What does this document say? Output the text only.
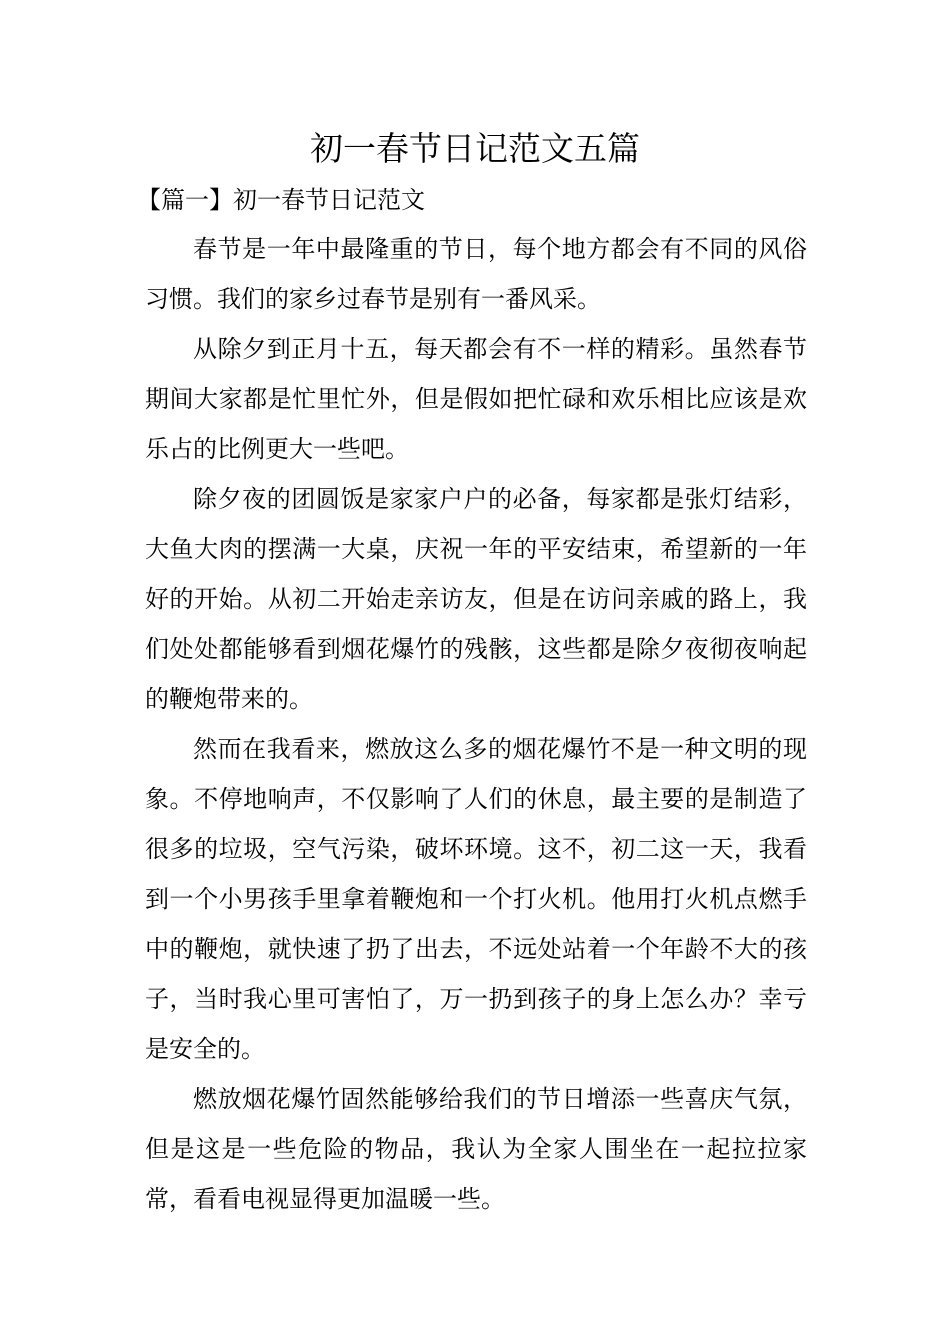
初一春节日记范文五篇
【篇一】初一春节日记范文

春节是一年中最隆重的节日，每个地方都会有不同的风俗习惯。我们的家乡过春节是别有一番风采。

从除夕到正月十五，每天都会有不一样的精彩。虽然春节期间大家都是忙里忙外，但是假如把忙碌和欢乐相比应该是欢乐占的比例更大一些吧。

除夕夜的团圆饭是家家户户的必备，每家都是张灯结彩，大鱼大肉的摆满一大桌，庆祝一年的平安结束，希望新的一年好的开始。从初二开始走亲访友，但是在访问亲戚的路上，我们处处都能够看到烟花爆竹的残骸，这些都是除夕夜彻夜响起的鞭炮带来的。

然而在我看来，燃放这么多的烟花爆竹不是一种文明的现象。不停地响声，不仅影响了人们的休息，最主要的是制造了很多的垃圾，空气污染，破坏环境。这不，初二这一天，我看到一个小男孩手里拿着鞭炮和一个打火机。他用打火机点燃手中的鞭炮，就快速了扔了出去，不远处站着一个年龄不大的孩子，当时我心里可害怕了，万一扔到孩子的身上怎么办？幸亏是安全的。

燃放烟花爆竹固然能够给我们的节日增添一些喜庆气氛，但是这是一些危险的物品，我认为全家人围坐在一起拉拉家常，看看电视显得更加温暖一些。
